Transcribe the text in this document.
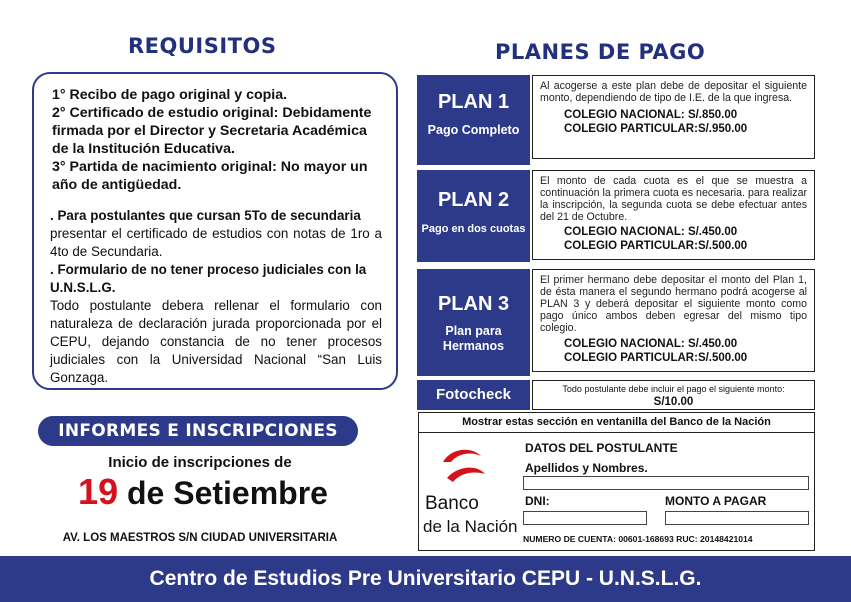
REQUISITOS
1° Recibo de pago original y copia.
2° Certificado de estudio original: Debidamente firmada por el Director y Secretaria Académica de la Institución Educativa.
3° Partida de nacimiento original: No mayor un año de antigüedad.
. Para postulantes que cursan 5To de secundaria
presentar el certificado de estudios con notas de 1ro a 4to de Secundaria.
. Formulario de no tener proceso judiciales con la U.N.S.L.G.
Todo postulante debera rellenar el formulario con naturaleza de declaración jurada proporcionada por el CEPU, dejando constancia de no tener procesos judiciales con la Universidad Nacional “San Luis Gonzaga.
INFORMES E INSCRIPCIONES
Inicio de inscripciones de
19 de Setiembre
AV. LOS MAESTROS S/N CIUDAD UNIVERSITARIA
PLANES DE PAGO
PLAN 1
Pago Completo
Al acogerse a este plan debe de depositar el siguiente monto, dependiendo de tipo de I.E. de la que ingresa.
COLEGIO NACIONAL: S/.850.00
COLEGIO PARTICULAR:S/.950.00
PLAN 2
Pago en dos cuotas
El monto de cada cuota es el que se muestra a continuación la primera cuota es necesaria. para realizar la inscripción, la segunda cuota se debe efectuar antes del 21 de Octubre.
COLEGIO NACIONAL: S/.450.00
COLEGIO PARTICULAR:S/.500.00
PLAN 3
Plan para Hermanos
El primer hermano debe depositar el monto del Plan 1, de ésta manera el segundo hermano podrá acogerse al PLAN 3 y deberá depositar el siguiente monto como pago único ambos deben egresar del mismo tipo colegio.
COLEGIO NACIONAL: S/.450.00
COLEGIO PARTICULAR:S/.500.00
Fotocheck	Todo postulante debe incluir el pago el siguiente monto:
S/10.00
Mostrar estas sección en ventanilla del Banco de la Nación
Banco
de la Nación
DATOS DEL POSTULANTE
Apellidos y Nombres.
DNI:	MONTO A PAGAR
NUMERO DE CUENTA: 00601-168693 RUC: 20148421014
Centro de Estudios Pre Universitario CEPU - U.N.S.L.G.
